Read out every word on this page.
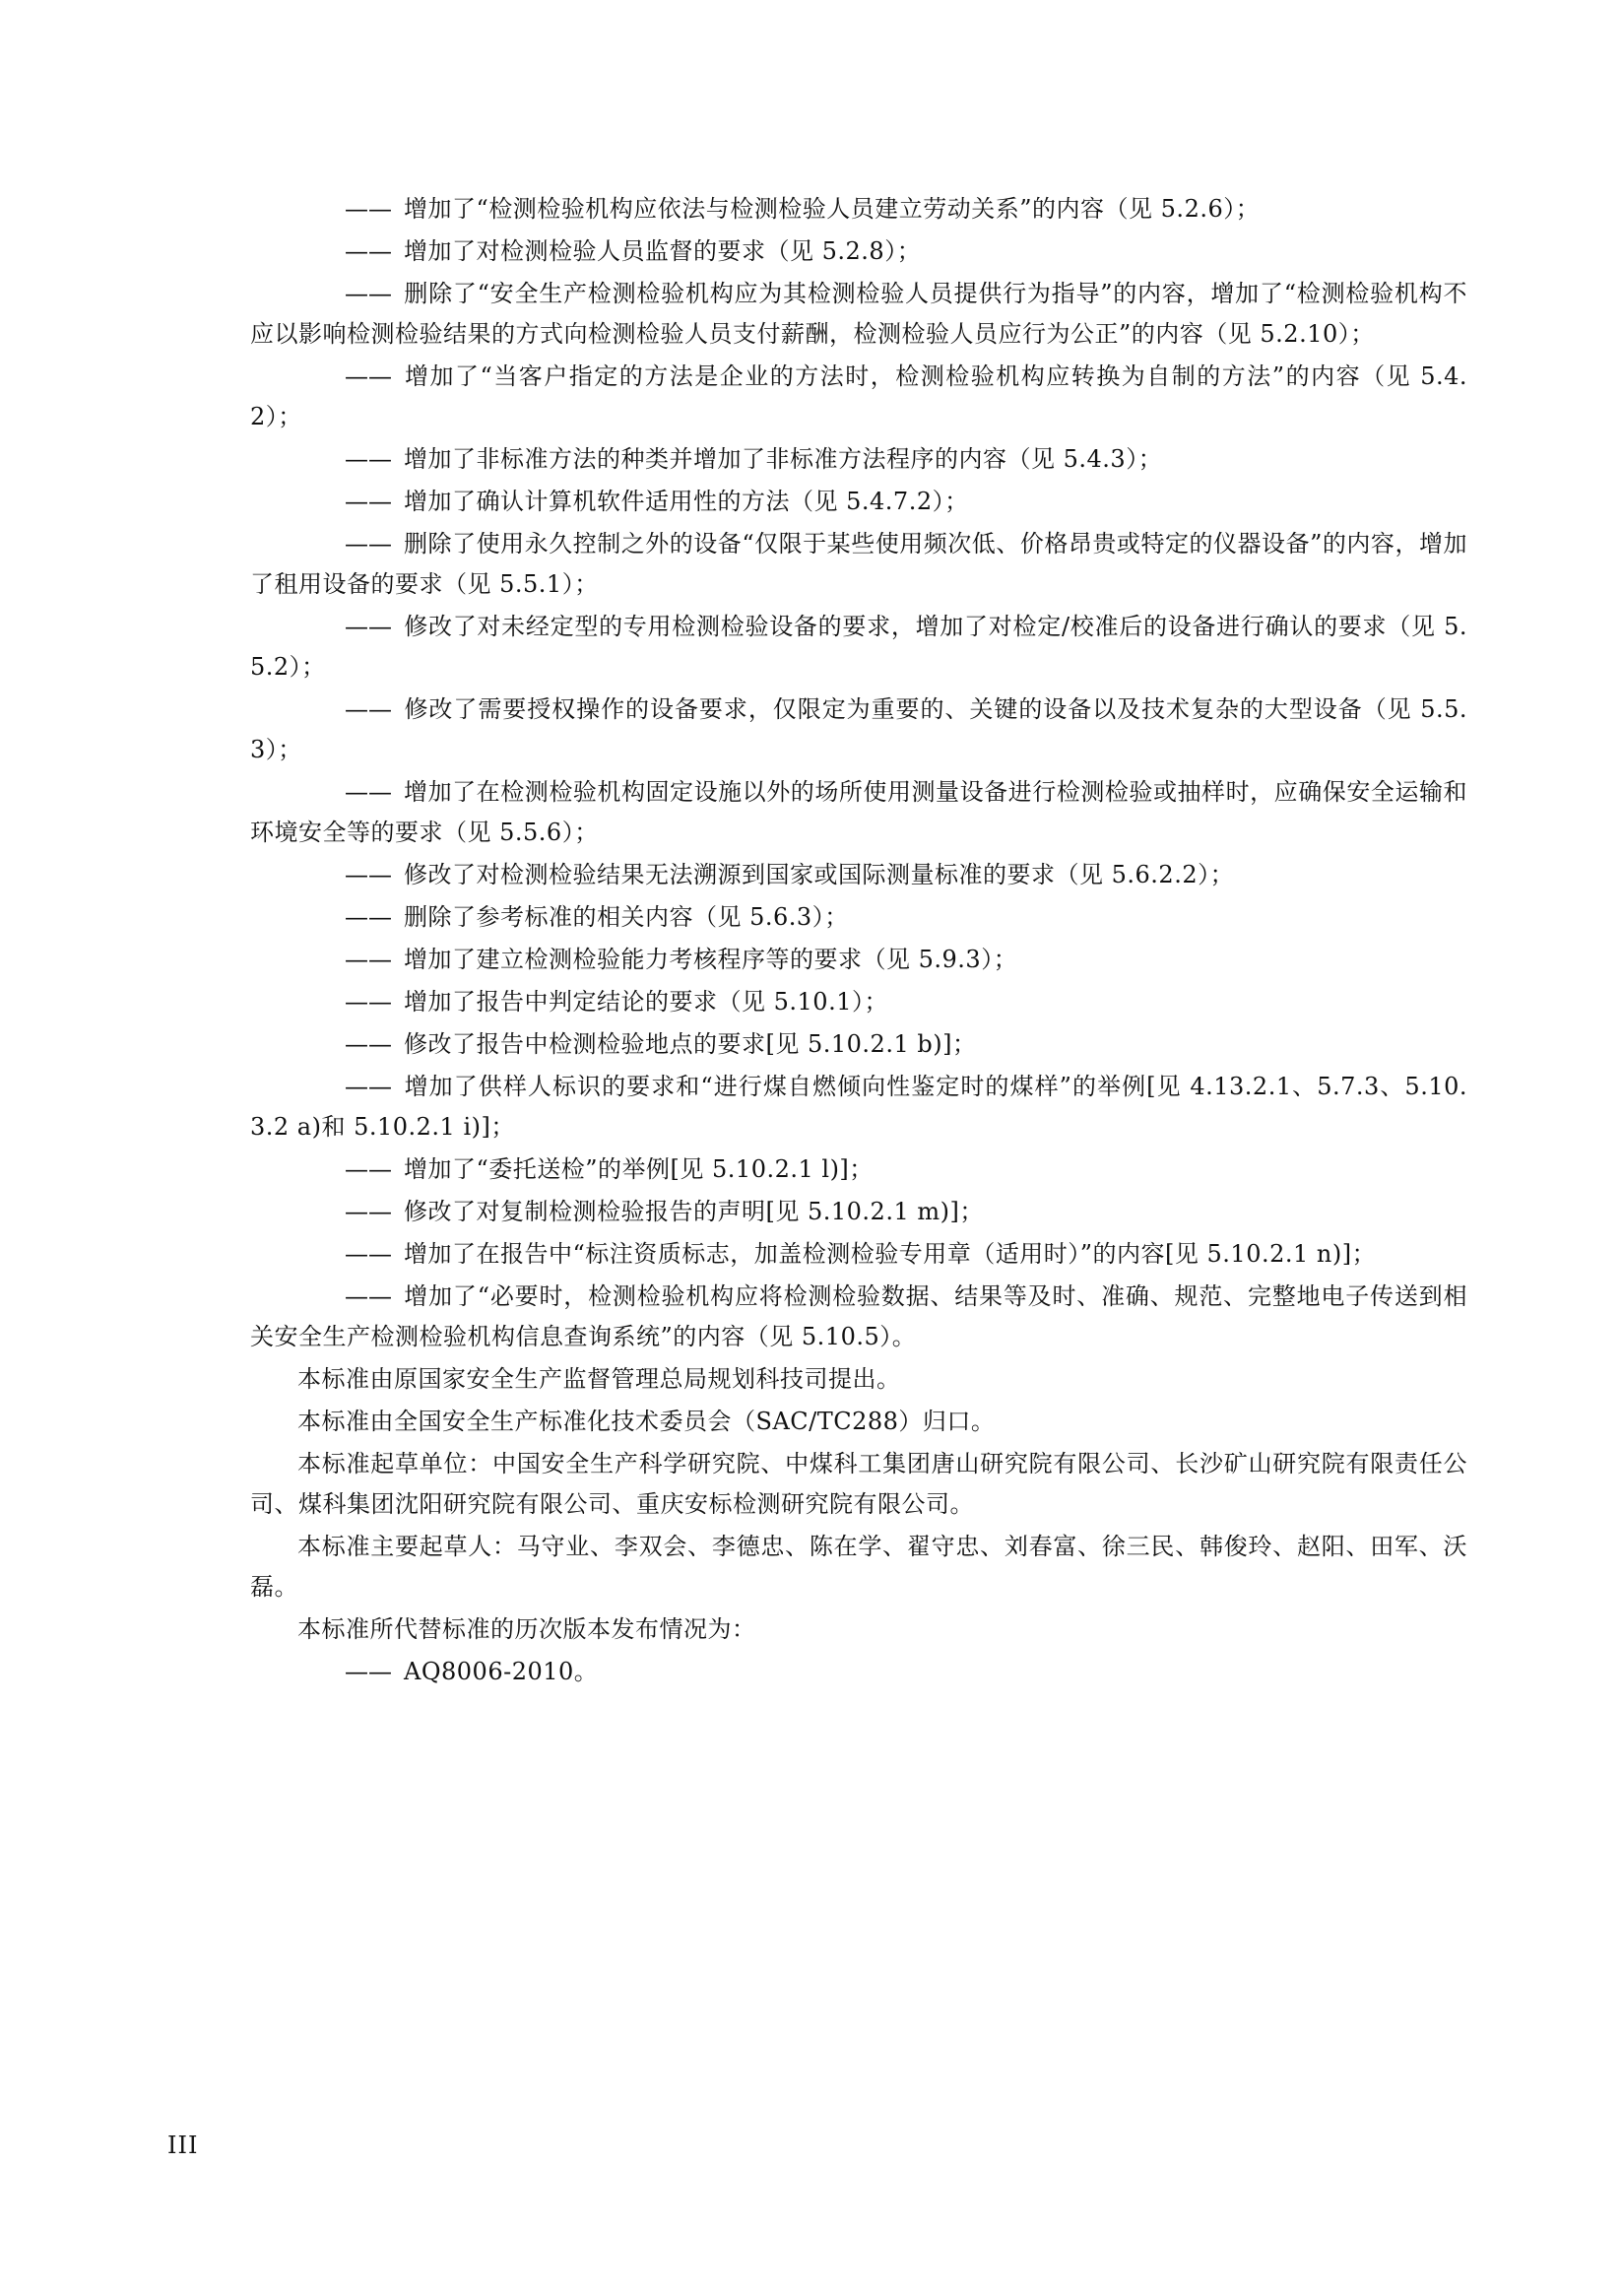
—— 增加了“检测检验机构应依法与检测检验人员建立劳动关系”的内容（见 5.2.6）；

—— 增加了对检测检验人员监督的要求（见 5.2.8）；

—— 删除了“安全生产检测检验机构应为其检测检验人员提供行为指导”的内容，增加了“检测检验机构不应以影响检测检验结果的方式向检测检验人员支付薪酬，检测检验人员应行为公正”的内容（见 5.2.10）；

—— 增加了“当客户指定的方法是企业的方法时，检测检验机构应转换为自制的方法”的内容（见 5.4.2）；

—— 增加了非标准方法的种类并增加了非标准方法程序的内容（见 5.4.3）；

—— 增加了确认计算机软件适用性的方法（见 5.4.7.2）；

—— 删除了使用永久控制之外的设备“仅限于某些使用频次低、价格昂贵或特定的仪器设备”的内容，增加了租用设备的要求（见 5.5.1）；

—— 修改了对未经定型的专用检测检验设备的要求，增加了对检定/校准后的设备进行确认的要求（见 5.5.2）；

—— 修改了需要授权操作的设备要求，仅限定为重要的、关键的设备以及技术复杂的大型设备（见 5.5.3）；

—— 增加了在检测检验机构固定设施以外的场所使用测量设备进行检测检验或抽样时，应确保安全运输和环境安全等的要求（见 5.5.6）；

—— 修改了对检测检验结果无法溯源到国家或国际测量标准的要求（见 5.6.2.2）；

—— 删除了参考标准的相关内容（见 5.6.3）；

—— 增加了建立检测检验能力考核程序等的要求（见 5.9.3）；

—— 增加了报告中判定结论的要求（见 5.10.1）；

—— 修改了报告中检测检验地点的要求[见 5.10.2.1 b)]；

—— 增加了供样人标识的要求和“进行煤自燃倾向性鉴定时的煤样”的举例[见 4.13.2.1、5.7.3、5.10.3.2 a)和 5.10.2.1 i)]；

—— 增加了“委托送检”的举例[见 5.10.2.1 l)]；

—— 修改了对复制检测检验报告的声明[见 5.10.2.1 m)]；

—— 增加了在报告中“标注资质标志，加盖检测检验专用章（适用时）”的内容[见 5.10.2.1 n)]；

—— 增加了“必要时，检测检验机构应将检测检验数据、结果等及时、准确、规范、完整地电子传送到相关安全生产检测检验机构信息查询系统”的内容（见 5.10.5）。

本标准由原国家安全生产监督管理总局规划科技司提出。

本标准由全国安全生产标准化技术委员会（SAC/TC288）归口。

本标准起草单位：中国安全生产科学研究院、中煤科工集团唐山研究院有限公司、长沙矿山研究院有限责任公司、煤科集团沈阳研究院有限公司、重庆安标检测研究院有限公司。

本标准主要起草人：马守业、李双会、李德忠、陈在学、翟守忠、刘春富、徐三民、韩俊玲、赵阳、田军、沃磊。

本标准所代替标准的历次版本发布情况为：

—— AQ8006-2010。

III
